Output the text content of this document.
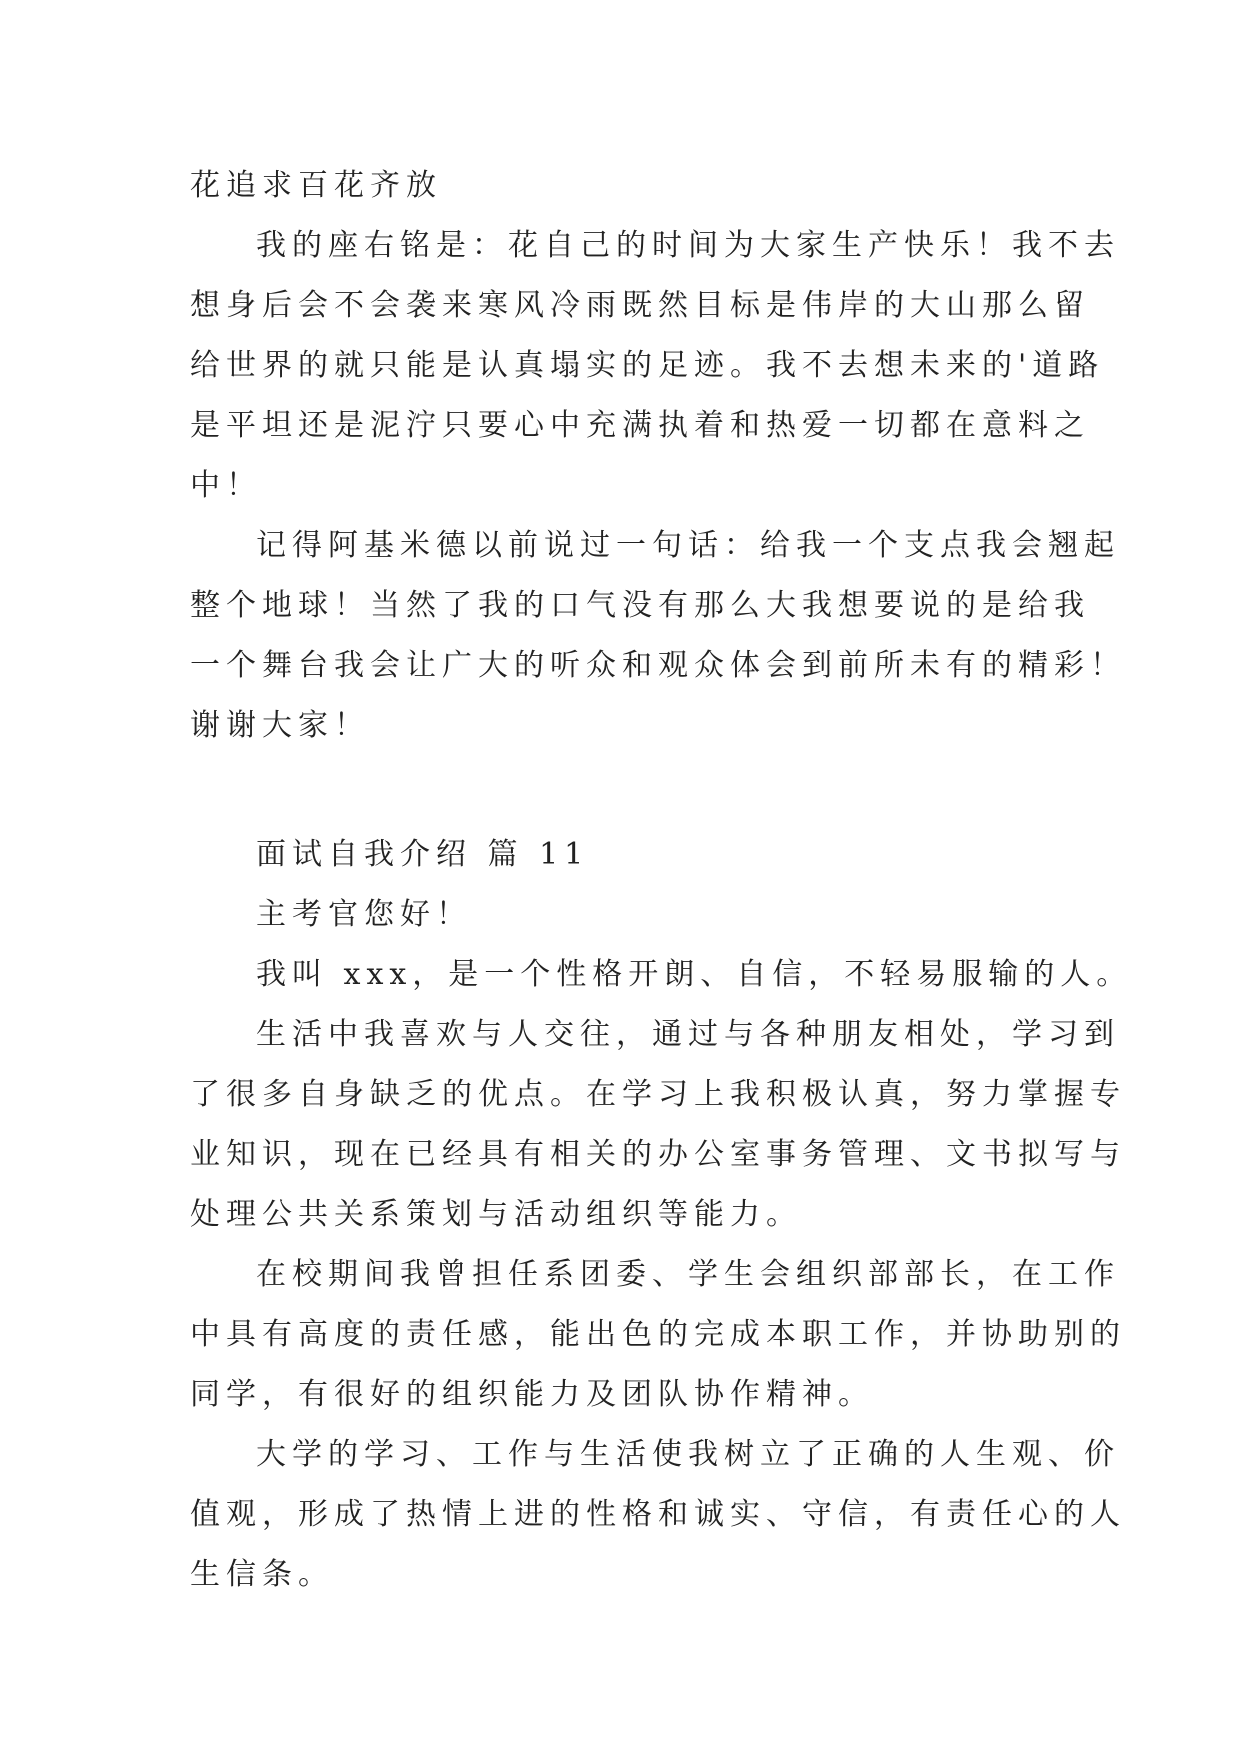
花追求百花齐放

我的座右铭是：花自己的时间为大家生产快乐！我不去

想身后会不会袭来寒风冷雨既然目标是伟岸的大山那么留

给世界的就只能是认真塌实的足迹。我不去想未来的'道路

是平坦还是泥泞只要心中充满执着和热爱一切都在意料之

中！

记得阿基米德以前说过一句话：给我一个支点我会翘起

整个地球！当然了我的口气没有那么大我想要说的是给我

一个舞台我会让广大的听众和观众体会到前所未有的精彩！

谢谢大家！

面试自我介绍 篇 11

主考官您好！

我叫 xxx，是一个性格开朗、自信，不轻易服输的人。

生活中我喜欢与人交往，通过与各种朋友相处，学习到

了很多自身缺乏的优点。在学习上我积极认真，努力掌握专

业知识，现在已经具有相关的办公室事务管理、文书拟写与

处理公共关系策划与活动组织等能力。

在校期间我曾担任系团委、学生会组织部部长，在工作

中具有高度的责任感，能出色的完成本职工作，并协助别的

同学，有很好的组织能力及团队协作精神。

大学的学习、工作与生活使我树立了正确的人生观、价

值观，形成了热情上进的性格和诚实、守信，有责任心的人

生信条。
